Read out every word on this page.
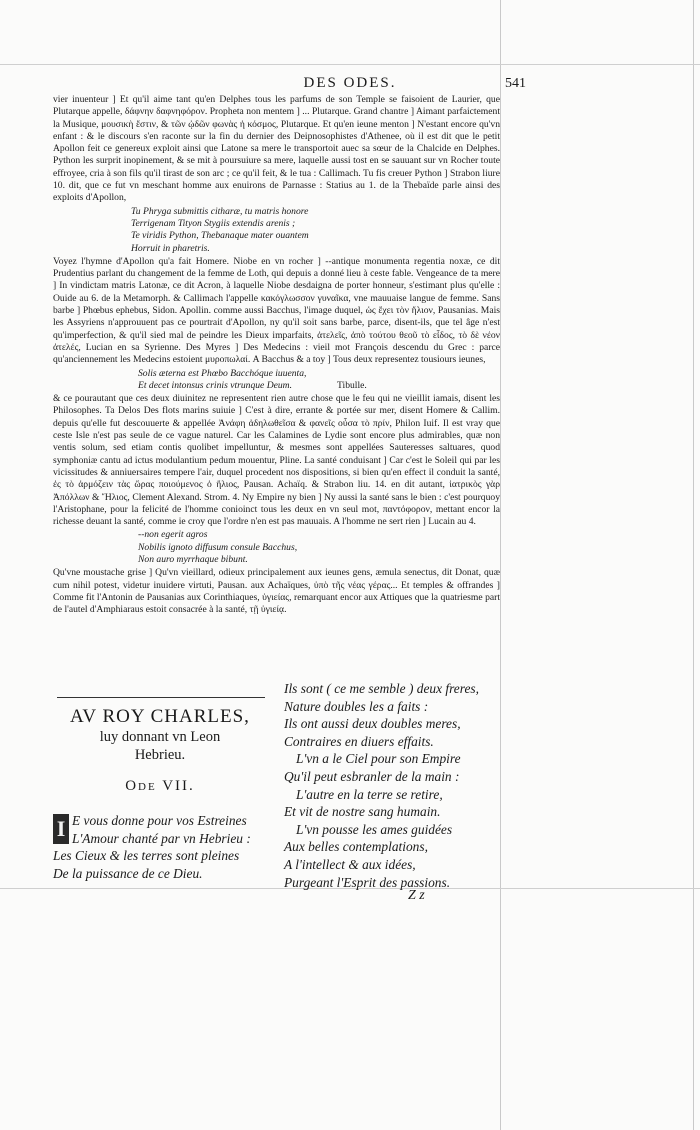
DES ODES.	541

vier inuenteur ] Et qu'il aime tant qu'en Delphes tous les parfums de son Temple se faisoient de Laurier, que Plutarque appelle, δάφνην δαφνηφόρον. Propheta non mentem ] ... Plutarque. Grand chantre ] Aimant parfaictement la Musique, μουσικὴ ἔστιν, & τῶν ᾠδῶν φωνὰς ἡ κόσμος, Plutarque. Et qu'en ieune menton ] N'estant encore qu'vn enfant : & le discours s'en raconte sur la fin du dernier des Deipnosophistes d'Athenee, où il est dit que le petit Apollon feit ce genereux exploit ainsi que Latone sa mere le transportoit auec sa sœur de la Chalcide en Delphes. Python les surprit inopinement, & se mit à poursuiure sa mere, laquelle aussi tost en se sauuant sur vn Rocher toute effroyee, cria à son fils qu'il tirast de son arc ; ce qu'il feit, & le tua : Callimach. Tu fis creuer Python ] Strabon liure 10. dit, que ce fut vn meschant homme aux enuirons de Parnasse : Statius au 1. de la Thebaïde parle ainsi des exploits d'Apollon,

Tu Phryga submittis citharæ, tu matris honore
Terrigenam Tityon Stygiis extendis arenis ;
Te viridis Python, Thebanaque mater ouantem
Horruit in pharetris.

Voyez l'hymne d'Apollon qu'a fait Homere. Niobe en vn rocher ] --antique monumenta regentia noxæ, ce dit Prudentius parlant du changement de la femme de Loth, qui depuis a donné lieu à ceste fable. Vengeance de ta mere ] In vindictam matris Latonæ, ce dit Acron, à laquelle Niobe desdaigna de porter honneur, s'estimant plus qu'elle : Ouide au 6. de la Metamorph. & Callimach l'appelle κακόγλωσσον γυναῖκα, vne mauuaise langue de femme. Sans barbe ] Phœbus ephebus, Sidon. Apollin. comme aussi Bacchus, l'image duquel, ὡς ἔχει τὸν ἥλιον, Pausanias. Mais les Assyriens n'approuuent pas ce pourtrait d'Apollon, ny qu'il soit sans barbe, parce, disent-ils, que tel âge n'est qu'imperfection, & qu'il sied mal de peindre les Dieux imparfaits, ἀτελεῖς, ἀπὸ τούτου θεοῦ τὸ εἶδος, τὸ δὲ νέον ἀτελές, Lucian en sa Syrienne. Des Myres ] Des Medecins : vieil mot François descendu du Grec : parce qu'anciennement les Medecins estoient μυροπωλαί. A Bacchus & a toy ] Tous deux representez tousiours ieunes,

Solis æterna est Phœbo Bacchóque iuuenta,
Et decet intonsus crinis vtrunque Deum.	Tibulle.

& ce pourautant que ces deux diuinitez ne representent rien autre chose que le feu qui ne vieillit iamais, disent les Philosophes. Ta Delos Des flots marins suiuie ] C'est à dire, errante & portée sur mer, disent Homere & Callim. depuis qu'elle fut descouuerte & appellée Ἀνάφη ἀδηλωθεῖσα & φανεῖς οὖσα τὸ πρίν, Philon Iuif. Il est vray que ceste Isle n'est pas seule de ce vague naturel. Car les Calamines de Lydie sont encore plus admirables, quæ non ventis solum, sed etiam contis quolibet impelluntur, & mesmes sont appellées Sauteresses saltuares, quod symphoniæ cantu ad ictus modulantium pedum mouentur, Pline. La santé conduisant ] Car c'est le Soleil qui par les vicissitudes & anniuersaires tempere l'air, duquel procedent nos dispositions, si bien qu'en effect il conduit la santé, ἐς τὸ ἁρμόζειν τὰς ὥρας ποιούμενος ὁ ἥλιος, Pausan. Achaïq. & Strabon liu. 14. en dit autant, ἰατρικὸς γὰρ Ἀπόλλων & Ἥλιος, Clement Alexand. Strom. 4. Ny Empire ny bien ] Ny aussi la santé sans le bien : c'est pourquoy l'Aristophane, pour la felicité de l'homme conioinct tous les deux en vn seul mot, παντόφορον, mettant encor la richesse deuant la santé, comme ie croy que l'ordre n'en est pas mauuais. A l'homme ne sert rien ] Lucain au 4.

--non egerit agros
Nobilis ignoto diffusum consule Bacchus,
Non auro myrrhaque bibunt.

Qu'vne moustache grise ] Qu'vn vieillard, odieux principalement aux ieunes gens, æmula senectus, dit Donat, quæ cum nihil potest, videtur inuidere virtuti, Pausan. aux Achaïques, ὑπὸ τῆς νέας γέρας... Et temples & offrandes ] Comme fit l'Antonin de Pausanias aux Corinthiaques, ὑγιείας, remarquant encor aux Attiques que la quatriesme part de l'autel d'Amphiaraus estoit consacrée à la santé, τῇ ὑγιείᾳ.

AV ROY CHARLES,
luy donnant vn Leon
Hebrieu.
Ode VII.
I E vous donne pour vos Estreines
L'Amour chanté par vn Hebrieu :
Les Cieux & les terres sont pleines
De la puissance de ce Dieu.
Ils sont ( ce me semble ) deux freres,
Nature doubles les a faits :
Ils ont aussi deux doubles meres,
Contraires en diuers effaits.
L'vn a le Ciel pour son Empire
Qu'il peut esbranler de la main :
L'autre en la terre se retire,
Et vit de nostre sang humain.
L'vn pousse les ames guidées
Aux belles contemplations,
A l'intellect & aux idées,
Purgeant l'Esprit des passions.
Z z
